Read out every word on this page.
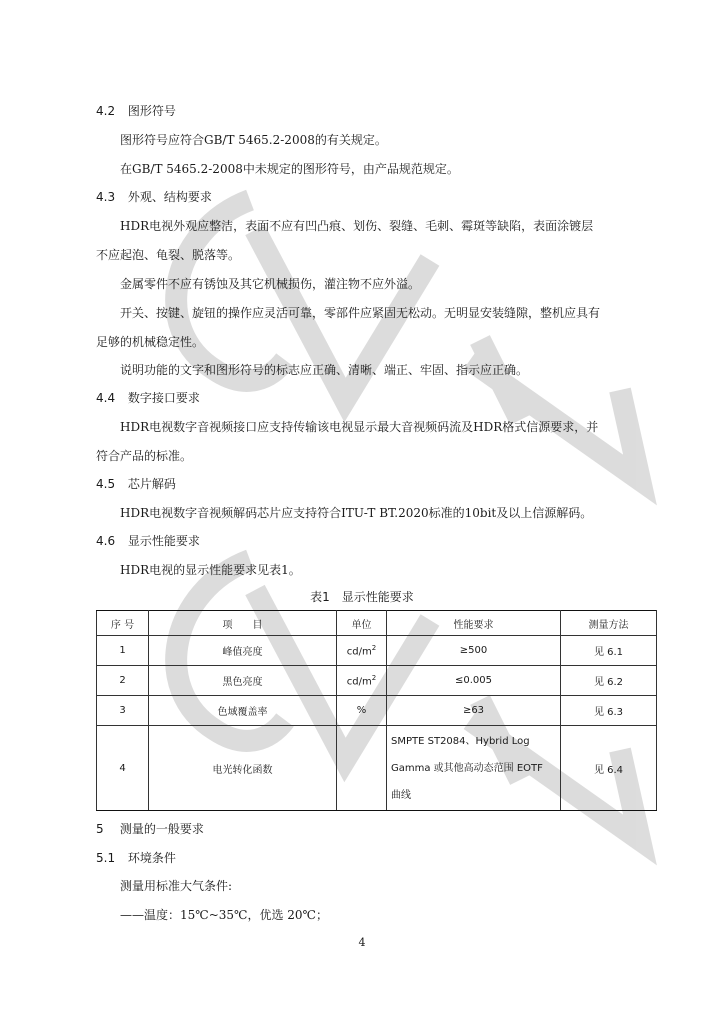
4.2 图形符号
图形符号应符合GB/T 5465.2-2008的有关规定。
在GB/T 5465.2-2008中未规定的图形符号，由产品规范规定。
4.3 外观、结构要求
HDR电视外观应整洁，表面不应有凹凸痕、划伤、裂缝、毛刺、霉斑等缺陷，表面涂镀层
不应起泡、龟裂、脱落等。
金属零件不应有锈蚀及其它机械损伤，灌注物不应外溢。
开关、按键、旋钮的操作应灵活可靠，零部件应紧固无松动。无明显安装缝隙，整机应具有
足够的机械稳定性。
说明功能的文字和图形符号的标志应正确、清晰、端正、牢固、指示应正确。
4.4 数字接口要求
HDR电视数字音视频接口应支持传输该电视显示最大音视频码流及HDR格式信源要求，并
符合产品的标准。
4.5 芯片解码
HDR电视数字音视频解码芯片应支持符合ITU-T BT.2020标准的10bit及以上信源解码。
4.6 显示性能要求
HDR电视的显示性能要求见表1。
表1　显示性能要求
序 号	项　　目	单位	性能要求	测量方法
1	峰值亮度	$cd/m^2$	≥500	见 6.1
2	黑色亮度	$cd/m^2$	≤0.005	见 6.2
3	色域覆盖率	%	≥63	见 6.3
4	电光转化函数		SMPTE ST2084、Hybrid Log
Gamma 或其他高动态范围 EOTF
曲线	见 6.4
5 测量的一般要求
5.1 环境条件
测量用标准大气条件:
——温度：15℃~35℃，优选 20℃；
4
